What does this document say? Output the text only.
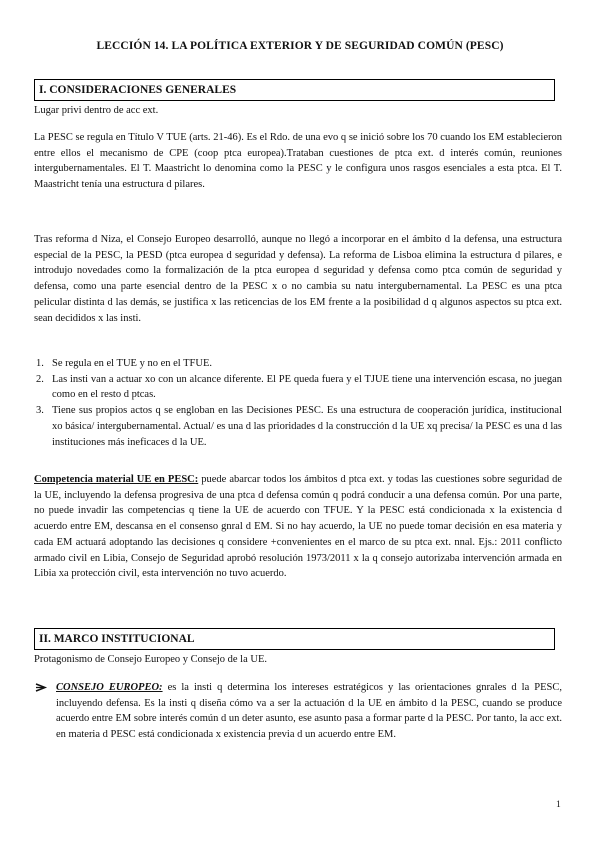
LECCIÓN 14. LA POLÍTICA EXTERIOR Y DE SEGURIDAD COMÚN (PESC)
I. CONSIDERACIONES GENERALES
Lugar privi dentro de acc ext.
La PESC se regula en Título V TUE (arts. 21-46). Es el Rdo. de una evo q se inició sobre los 70 cuando los EM establecieron entre ellos el mecanismo de CPE (coop ptca europea).Trataban cuestiones de ptca ext. d interés común, reuniones intergubernamentales. El T. Maastricht lo denomina como la PESC y le configura unos rasgos esenciales a esta ptca. El T. Maastricht tenía una estructura d pilares.
Tras reforma d Niza, el Consejo Europeo desarrolló, aunque no llegó a incorporar en el ámbito d la defensa, una estructura especial de la PESC, la PESD (ptca europea d seguridad y defensa). La reforma de Lisboa elimina la estructura d pilares, e introdujo novedades como la formalización de la ptca europea d seguridad y defensa como ptca común de seguridad y defensa, como una parte esencial dentro de la PESC x o no cambia su natu intergubernamental. La PESC es una ptca pelicular distinta d las demás, se justifica x las reticencias de los EM frente a la posibilidad d q algunos aspectos su ptca ext. sean decididos x las insti.
1. Se regula en el TUE y no en el TFUE.
2. Las insti van a actuar xo con un alcance diferente. El PE queda fuera y el TJUE tiene una intervención escasa, no juegan como en el resto d ptcas.
3. Tiene sus propios actos q se engloban en las Decisiones PESC. Es una estructura de cooperación jurídica, institucional xo básica/ intergubernamental. Actual/ es una d las prioridades d la construcción d la UE xq precisa/ la PESC es una d las instituciones más ineficaces d la UE.
Competencia material UE en PESC: puede abarcar todos los ámbitos d ptca ext. y todas las cuestiones sobre seguridad de la UE, incluyendo la defensa progresiva de una ptca d defensa común q podrá conducir a una defensa común. Por una parte, no puede invadir las competencias q tiene la UE de acuerdo con TFUE. Y la PESC está condicionada x la existencia d acuerdo entre EM, descansa en el consenso gnral d EM. Si no hay acuerdo, la UE no puede tomar decisión en esa materia y cada EM actuará adoptando las decisiones q considere +convenientes en el marco de su ptca ext. nnal. Ejs.: 2011 conflicto armado civil en Libia, Consejo de Seguridad aprobó resolución 1973/2011 x la q consejo autorizaba intervención armada en Libia xa protección civil, esta intervención no tuvo acuerdo.
II. MARCO INSTITUCIONAL
Protagonismo de Consejo Europeo y Consejo de la UE.
CONSEJO EUROPEO: es la insti q determina los intereses estratégicos y las orientaciones gnrales d la PESC, incluyendo defensa. Es la insti q diseña cómo va a ser la actuación d la UE en ámbito d la PESC, cuando se produce acuerdo entre EM sobre interés común d un deter asunto, ese asunto pasa a formar parte d la PESC. Por tanto, la acc ext. en materia d PESC está condicionada x existencia previa d un acuerdo entre EM.
1
